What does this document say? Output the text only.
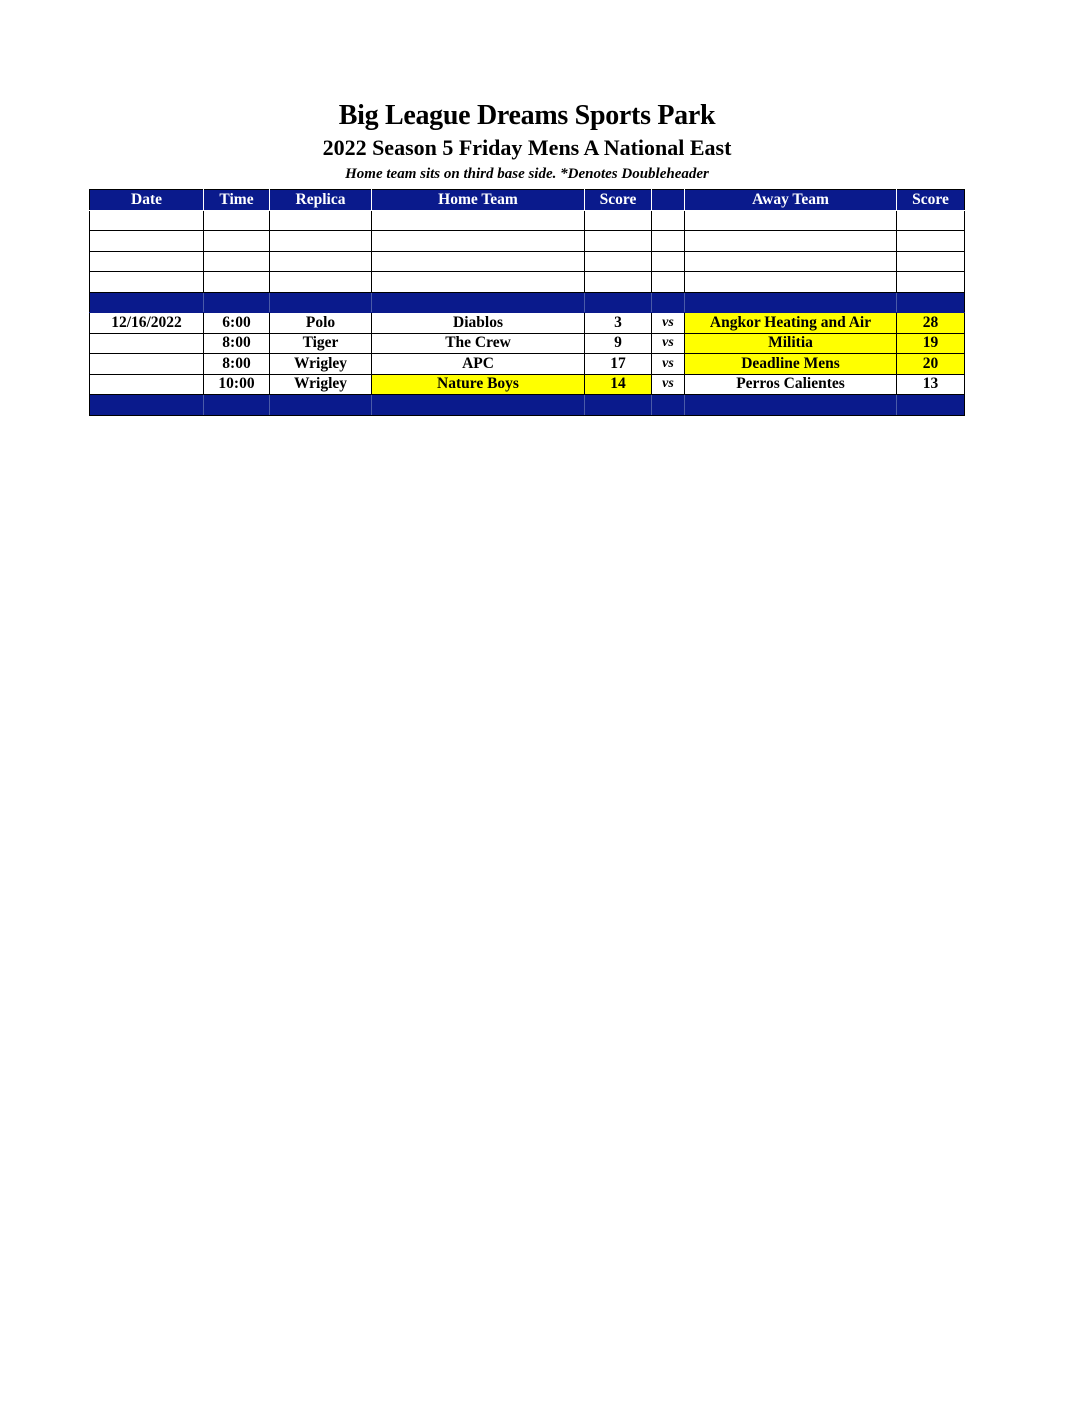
Big League Dreams Sports Park
2022 Season 5 Friday Mens A National East
Home team sits on third base side. *Denotes Doubleheader
Date	Time	Replica	Home Team	Score		Away Team	Score

12/16/2022	6:00	Polo	Diablos	3	vs	Angkor Heating and Air	28
	8:00	Tiger	The Crew	9	vs	Militia	19
	8:00	Wrigley	APC	17	vs	Deadline Mens	20
	10:00	Wrigley	Nature Boys	14	vs	Perros Calientes	13
